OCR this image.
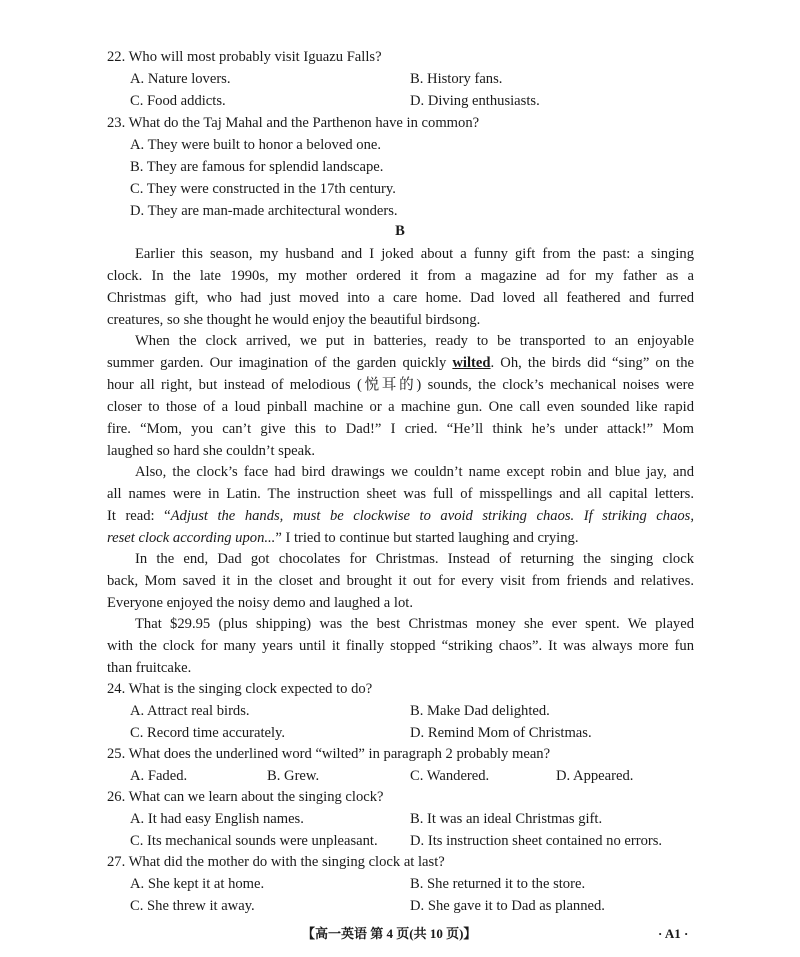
22. Who will most probably visit Iguazu Falls?
A. Nature lovers.	B. History fans.
C. Food addicts.	D. Diving enthusiasts.
23. What do the Taj Mahal and the Parthenon have in common?
A. They were built to honor a beloved one.
B. They are famous for splendid landscape.
C. They were constructed in the 17th century.
D. They are man-made architectural wonders.
B
Earlier this season, my husband and I joked about a funny gift from the past: a singing
clock. In the late 1990s, my mother ordered it from a magazine ad for my father as a
Christmas gift, who had just moved into a care home. Dad loved all feathered and furred
creatures, so she thought he would enjoy the beautiful birdsong.
When the clock arrived, we put in batteries, ready to be transported to an enjoyable
summer garden. Our imagination of the garden quickly wilted. Oh, the birds did “sing” on the
hour all right, but instead of melodious (悦耳的) sounds, the clock’s mechanical noises were
closer to those of a loud pinball machine or a machine gun. One call even sounded like rapid
fire. “Mom, you can’t give this to Dad!” I cried. “He’ll think he’s under attack!” Mom
laughed so hard she couldn’t speak.
Also, the clock’s face had bird drawings we couldn’t name except robin and blue jay, and
all names were in Latin. The instruction sheet was full of misspellings and all capital letters.
It read: “Adjust the hands, must be clockwise to avoid striking chaos. If striking chaos,
reset clock according upon...” I tried to continue but started laughing and crying.
In the end, Dad got chocolates for Christmas. Instead of returning the singing clock
back, Mom saved it in the closet and brought it out for every visit from friends and relatives.
Everyone enjoyed the noisy demo and laughed a lot.
That $29.95 (plus shipping) was the best Christmas money she ever spent. We played
with the clock for many years until it finally stopped “striking chaos”. It was always more fun
than fruitcake.
24. What is the singing clock expected to do?
A. Attract real birds.	B. Make Dad delighted.
C. Record time accurately.	D. Remind Mom of Christmas.
25. What does the underlined word “wilted” in paragraph 2 probably mean?
A. Faded.	B. Grew.	C. Wandered.	D. Appeared.
26. What can we learn about the singing clock?
A. It had easy English names.	B. It was an ideal Christmas gift.
C. Its mechanical sounds were unpleasant. D. Its instruction sheet contained no errors.
27. What did the mother do with the singing clock at last?
A. She kept it at home.	B. She returned it to the store.
C. She threw it away.	D. She gave it to Dad as planned.
【高一英语 第 4 页(共 10 页)】	· A1 ·
